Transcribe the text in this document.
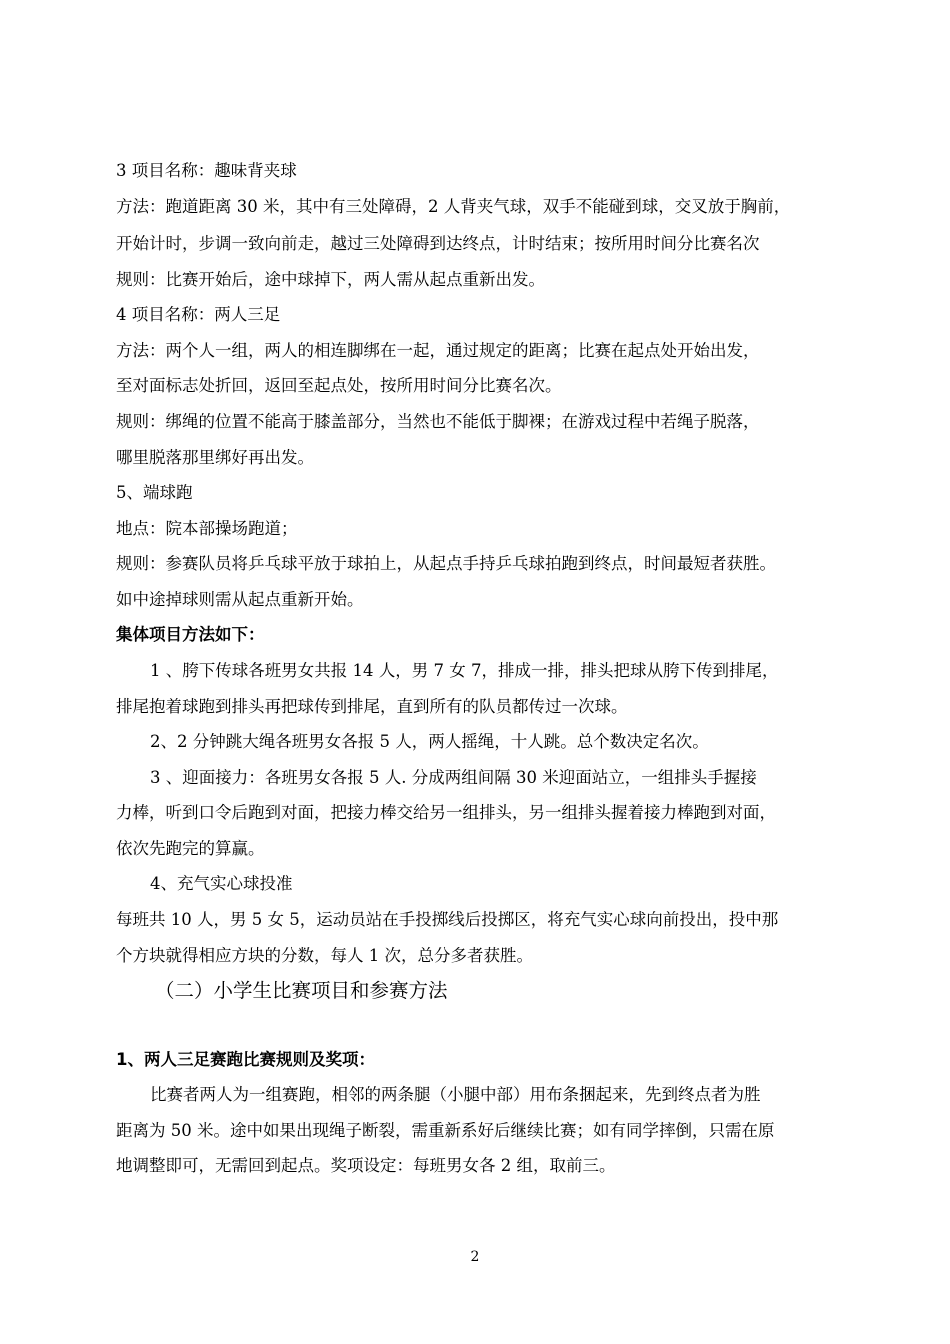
3 项目名称：趣味背夹球

方法：跑道距离 30 米，其中有三处障碍，2 人背夹气球，双手不能碰到球，交叉放于胸前，

开始计时，步调一致向前走，越过三处障碍到达终点，计时结束；按所用时间分比赛名次

规则：比赛开始后，途中球掉下，两人需从起点重新出发。

4 项目名称：两人三足

方法：两个人一组，两人的相连脚绑在一起，通过规定的距离；比赛在起点处开始出发，

至对面标志处折回，返回至起点处，按所用时间分比赛名次。

规则：绑绳的位置不能高于膝盖部分，当然也不能低于脚裸；在游戏过程中若绳子脱落，

哪里脱落那里绑好再出发。

5、端球跑

地点：院本部操场跑道；

规则：参赛队员将乒乓球平放于球拍上，从起点手持乒乓球拍跑到终点，时间最短者获胜。

如中途掉球则需从起点重新开始。

集体项目方法如下：

1 、胯下传球各班男女共报 14 人，男 7 女 7，排成一排，排头把球从胯下传到排尾，

排尾抱着球跑到排头再把球传到排尾，直到所有的队员都传过一次球。

2、2 分钟跳大绳各班男女各报 5 人，两人摇绳，十人跳。总个数决定名次。

3 、迎面接力：各班男女各报 5 人. 分成两组间隔 30 米迎面站立，一组排头手握接

力棒，听到口令后跑到对面，把接力棒交给另一组排头，另一组排头握着接力棒跑到对面，

依次先跑完的算赢。

4、充气实心球投准

每班共 10 人，男 5 女 5，运动员站在手投掷线后投掷区，将充气实心球向前投出，投中那

个方块就得相应方块的分数，每人 1 次，总分多者获胜。

（二）小学生比赛项目和参赛方法

1、两人三足赛跑比赛规则及奖项：

比赛者两人为一组赛跑，相邻的两条腿（小腿中部）用布条捆起来，先到终点者为胜

距离为 50 米。途中如果出现绳子断裂，需重新系好后继续比赛；如有同学摔倒，只需在原

地调整即可，无需回到起点。奖项设定：每班男女各 2 组，取前三。

2
